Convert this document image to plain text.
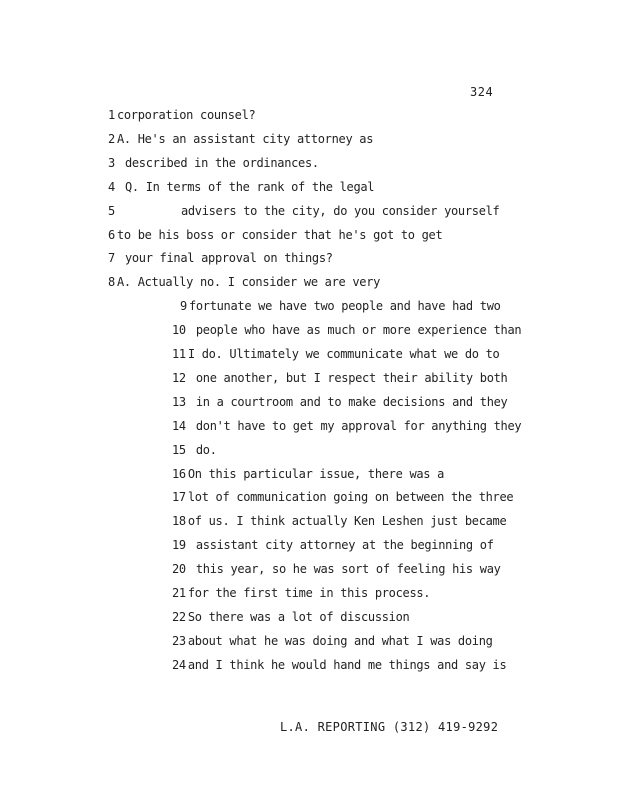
324
1 corporation counsel?
2 A. He's an assistant city attorney as
3 described in the ordinances.
4 Q. In terms of the rank of the legal
5	advisers to the city, do you consider yourself
6 to be his boss or consider that he's got to get
7 your final approval on things?
8 A. Actually no. I consider we are very
9 fortunate we have two people and have had two
10 people who have as much or more experience than
11 I do. Ultimately we communicate what we do to
12 one another, but I respect their ability both
13 in a courtroom and to make decisions and they
14 don't have to get my approval for anything they
15 do.
16 On this particular issue, there was a
17 lot of communication going on between the three
18 of us. I think actually Ken Leshen just became
19 assistant city attorney at the beginning of
20 this year, so he was sort of feeling his way
21 for the first time in this process.
22 So there was a lot of discussion
23 about what he was doing and what I was doing
24 and I think he would hand me things and say is
L.A. REPORTING (312) 419-9292
